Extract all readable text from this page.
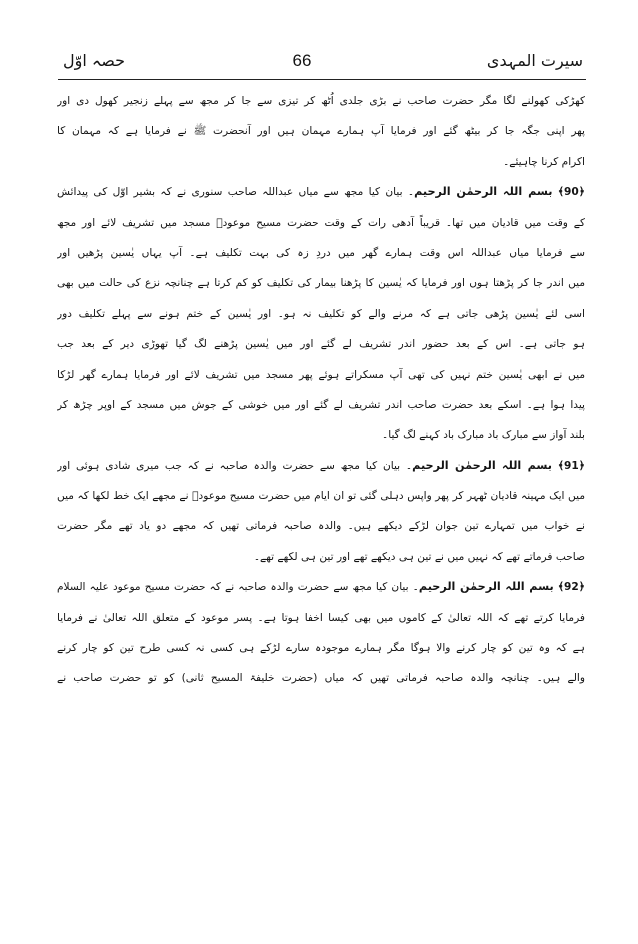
سیرت المہدی
66
حصہ اوّل
کھڑکی کھولنے لگا مگر حضرت صاحب نے بڑی جلدی اُٹھ کر تیزی سے جا کر مجھ سے پہلے زنجیر کھول دی اور
پھر اپنی جگہ جا کر بیٹھ گئے اور فرمایا آپ ہمارے مہمان ہیں اور آنحضرت ﷺ نے فرمایا ہے کہ مہمان کا
اکرام کرنا چاہیئے۔
﴿90﴾ بسم اللہ الرحمٰن الرحیم۔ بیان کیا مجھ سے میاں عبداللہ صاحب سنوری نے کہ بشیر اوّل کی پیدائش
کے وقت میں قادیان میں تھا۔ قریباً آدھی رات کے وقت حضرت مسیح موعودؑ مسجد میں تشریف لائے اور مجھ
سے فرمایا میاں عبداللہ اس وقت ہمارے گھر میں دردِ زہ کی بہت تکلیف ہے۔ آپ یہاں یٰسین پڑھیں اور
میں اندر جا کر پڑھتا ہوں اور فرمایا کہ یٰسین کا پڑھنا بیمار کی تکلیف کو کم کرتا ہے چنانچہ نزع کی حالت میں بھی
اسی لئے یٰسین پڑھی جاتی ہے کہ مرنے والے کو تکلیف نہ ہو۔ اور یٰسین کے ختم ہونے سے پہلے تکلیف دور
ہو جاتی ہے۔ اس کے بعد حضور اندر تشریف لے گئے اور میں یٰسین پڑھنے لگ گیا تھوڑی دیر کے بعد جب
میں نے ابھی یٰسین ختم نہیں کی تھی آپ مسکراتے ہوئے پھر مسجد میں تشریف لائے اور فرمایا ہمارے گھر لڑکا
پیدا ہوا ہے۔ اسکے بعد حضرت صاحب اندر تشریف لے گئے اور میں خوشی کے جوش میں مسجد کے اوپر چڑھ کر
بلند آواز سے مبارک باد مبارک باد کہنے لگ گیا۔
﴿91﴾ بسم اللہ الرحمٰن الرحیم۔ بیان کیا مجھ سے حضرت والدہ صاحبہ نے کہ جب میری شادی ہوئی اور
میں ایک مہینہ قادیان ٹھہر کر پھر واپس دہلی گئی تو ان ایام میں حضرت مسیح موعودؑ نے مجھے ایک خط لکھا کہ میں
نے خواب میں تمہارے تین جوان لڑکے دیکھے ہیں۔ والدہ صاحبہ فرماتی تھیں کہ مجھے دو یاد تھے مگر حضرت
صاحب فرماتے تھے کہ نہیں میں نے تین ہی دیکھے تھے اور تین ہی لکھے تھے۔
﴿92﴾ بسم اللہ الرحمٰن الرحیم۔ بیان کیا مجھ سے حضرت والدہ صاحبہ نے کہ حضرت مسیح موعود علیہ السلام
فرمایا کرتے تھے کہ اللہ تعالیٰ کے کاموں میں بھی کیسا اخفا ہوتا ہے۔ پسر موعود کے متعلق اللہ تعالیٰ نے فرمایا
ہے کہ وہ تین کو چار کرنے والا ہوگا مگر ہمارے موجودہ سارے لڑکے ہی کسی نہ کسی طرح تین کو چار کرنے
والے ہیں۔ چنانچہ والدہ صاحبہ فرماتی تھیں کہ میاں (حضرت خلیفۃ المسیح ثانی) کو تو حضرت صاحب نے
